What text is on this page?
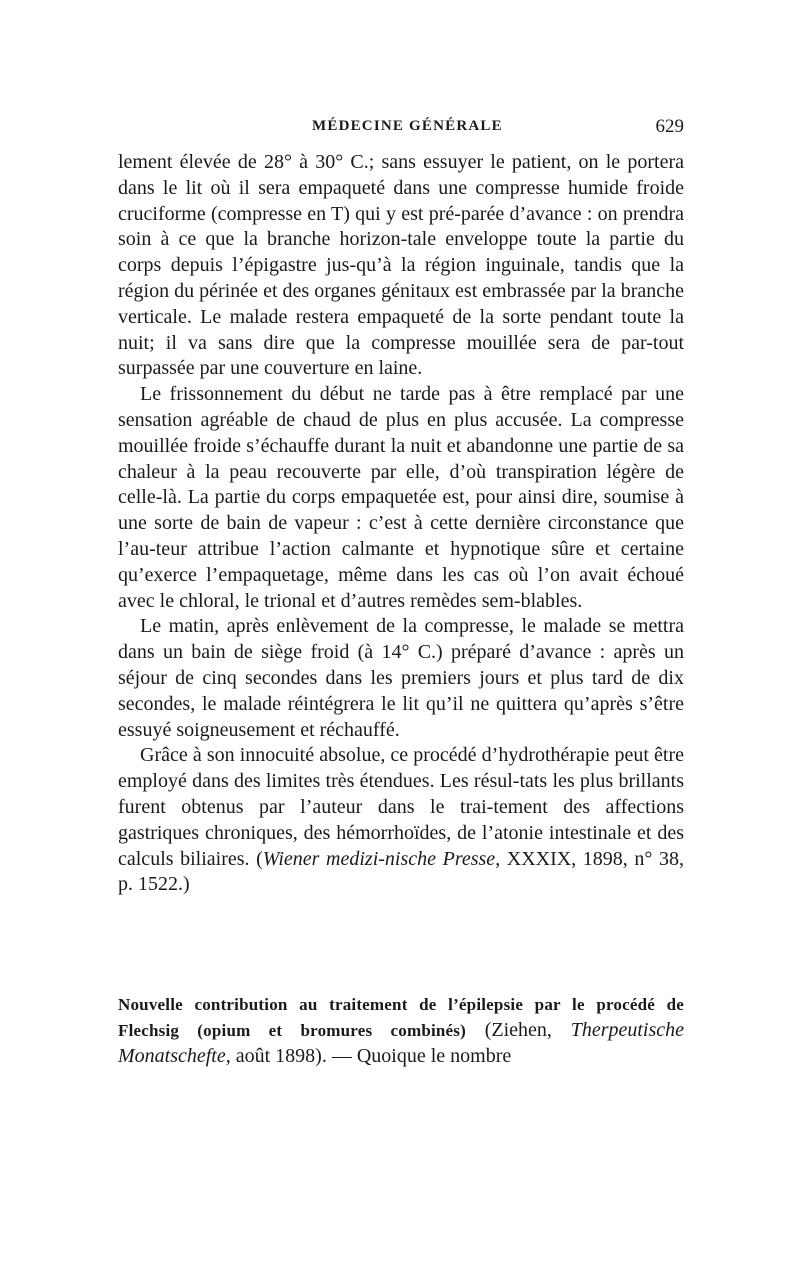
MÉDECINE GÉNÉRALE	629

lement élevée de 28° à 30° C.; sans essuyer le patient, on le portera dans le lit où il sera empaqueté dans une compresse humide froide cruciforme (compresse en T) qui y est pré-parée d’avance : on prendra soin à ce que la branche horizon-tale enveloppe toute la partie du corps depuis l’épigastre jus-qu’à la région inguinale, tandis que la région du périnée et des organes génitaux est embrassée par la branche verticale. Le malade restera empaqueté de la sorte pendant toute la nuit; il va sans dire que la compresse mouillée sera de par-tout surpassée par une couverture en laine.

Le frissonnement du début ne tarde pas à être remplacé par une sensation agréable de chaud de plus en plus accusée. La compresse mouillée froide s’échauffe durant la nuit et abandonne une partie de sa chaleur à la peau recouverte par elle, d’où transpiration légère de celle-là. La partie du corps empaquetée est, pour ainsi dire, soumise à une sorte de bain de vapeur : c’est à cette dernière circonstance que l’au-teur attribue l’action calmante et hypnotique sûre et certaine qu’exerce l’empaquetage, même dans les cas où l’on avait échoué avec le chloral, le trional et d’autres remèdes sem-blables.

Le matin, après enlèvement de la compresse, le malade se mettra dans un bain de siège froid (à 14° C.) préparé d’avance : après un séjour de cinq secondes dans les premiers jours et plus tard de dix secondes, le malade réintégrera le lit qu’il ne quittera qu’après s’être essuyé soigneusement et réchauffé.

Grâce à son innocuité absolue, ce procédé d’hydrothérapie peut être employé dans des limites très étendues. Les résul-tats les plus brillants furent obtenus par l’auteur dans le trai-tement des affections gastriques chroniques, des hémorrhoïdes, de l’atonie intestinale et des calculs biliaires. (Wiener medizi-nische Presse, XXXIX, 1898, n° 38, p. 1522.)

Nouvelle contribution au traitement de l’épilepsie par le procédé de Flechsig (opium et bromures combinés) (Ziehen, Therpeutische Monatschefte, août 1898). — Quoique le nombre
